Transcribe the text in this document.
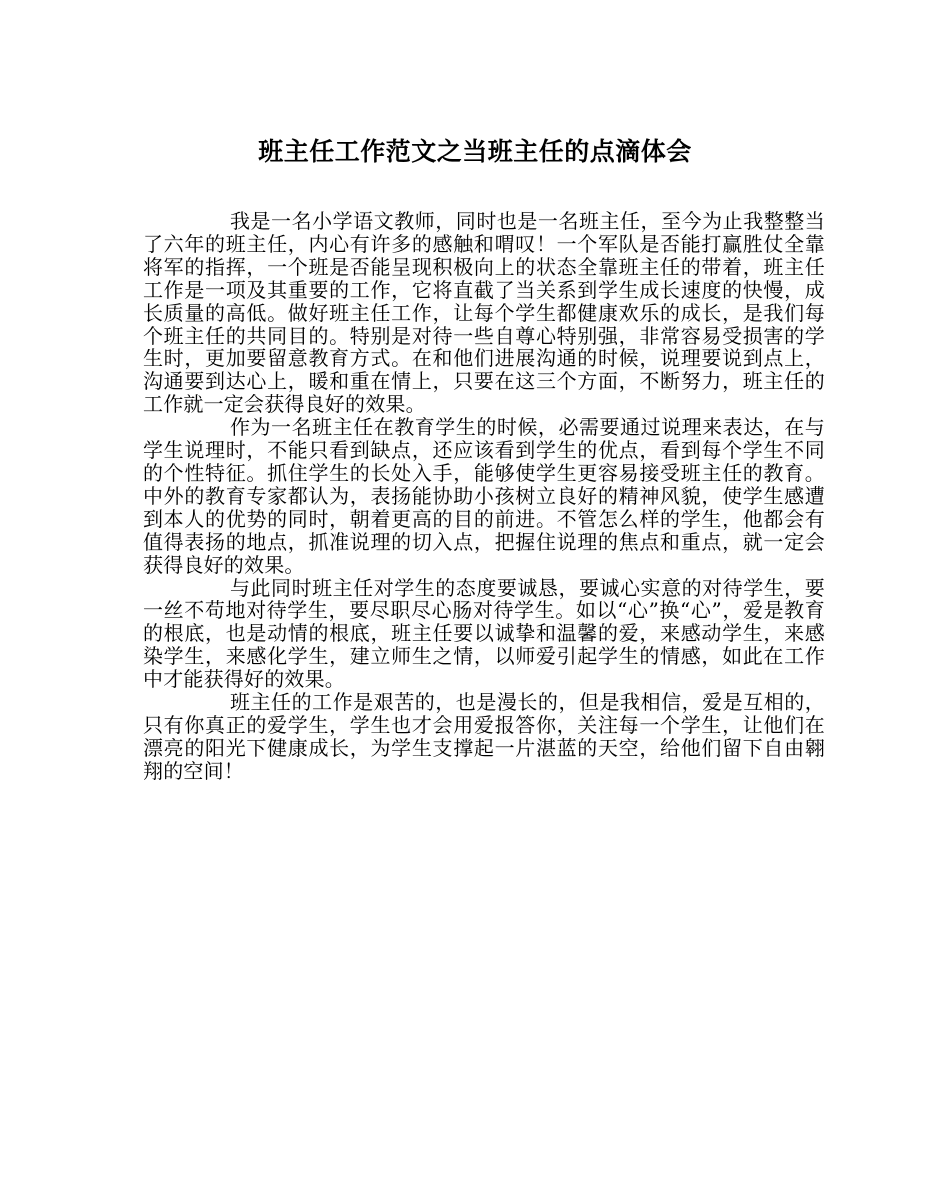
班主任工作范文之当班主任的点滴体会

我是一名小学语文教师，同时也是一名班主任，至今为止我整整当了六年的班主任，内心有许多的感触和喟叹！一个军队是否能打赢胜仗全靠将军的指挥，一个班是否能呈现积极向上的状态全靠班主任的带着，班主任工作是一项及其重要的工作，它将直截了当关系到学生成长速度的快慢，成长质量的高低。做好班主任工作，让每个学生都健康欢乐的成长，是我们每个班主任的共同目的。特别是对待一些自尊心特别强，非常容易受损害的学生时，更加要留意教育方式。在和他们进展沟通的时候，说理要说到点上，沟通要到达心上，暖和重在情上，只要在这三个方面，不断努力，班主任的工作就一定会获得良好的效果。

作为一名班主任在教育学生的时候，必需要通过说理来表达，在与学生说理时，不能只看到缺点，还应该看到学生的优点，看到每个学生不同的个性特征。抓住学生的长处入手，能够使学生更容易接受班主任的教育。中外的教育专家都认为，表扬能协助小孩树立良好的精神风貌，使学生感遭到本人的优势的同时，朝着更高的目的前进。不管怎么样的学生，他都会有值得表扬的地点，抓准说理的切入点，把握住说理的焦点和重点，就一定会获得良好的效果。

与此同时班主任对学生的态度要诚恳，要诚心实意的对待学生，要一丝不苟地对待学生，要尽职尽心肠对待学生。如以“心”换“心”，爱是教育的根底，也是动情的根底，班主任要以诚挚和温馨的爱，来感动学生，来感染学生，来感化学生，建立师生之情，以师爱引起学生的情感，如此在工作中才能获得好的效果。

班主任的工作是艰苦的，也是漫长的，但是我相信，爱是互相的，只有你真正的爱学生，学生也才会用爱报答你，关注每一个学生，让他们在漂亮的阳光下健康成长，为学生支撑起一片湛蓝的天空，给他们留下自由翱翔的空间！
